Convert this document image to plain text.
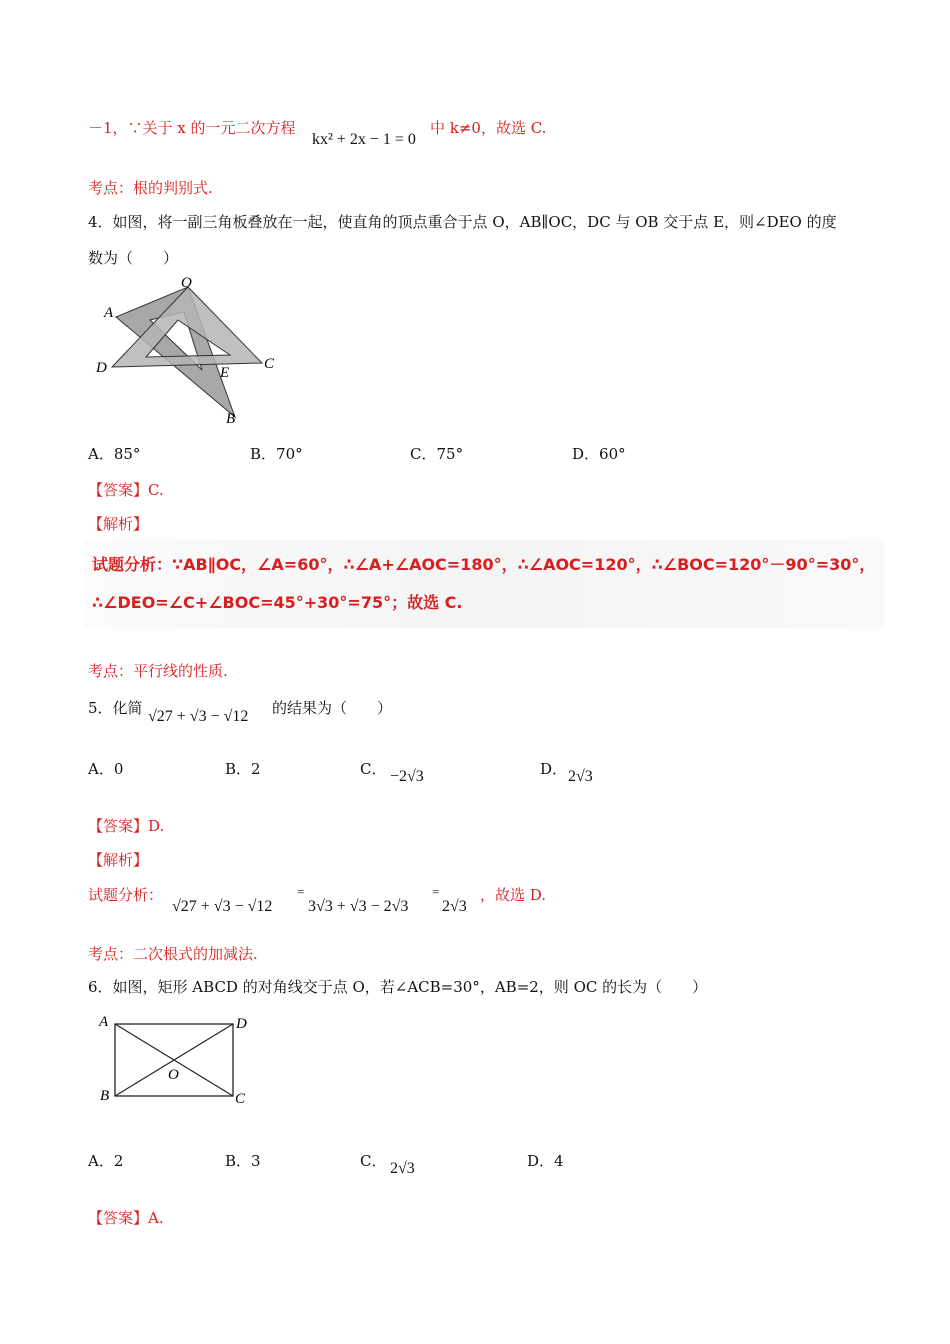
－1，∵关于 x 的一元二次方程
kx² + 2x − 1 = 0
中 k≠0，故选 C.
考点：根的判别式.
4．如图，将一副三角板叠放在一起，使直角的顶点重合于点 O，AB∥OC，DC 与 OB 交于点 E，则∠DEO 的度
数为（　　）
O
A
D	E
C
B
A．85°	B．70°	C．75°	D．60°
【答案】C.
【解析】
试题分析：∵AB∥OC，∠A=60°，∴∠A+∠AOC=180°，∴∠AOC=120°，∴∠BOC=120°－90°=30°，
∴∠DEO=∠C+∠BOC=45°+30°=75°；故选 C.
考点：平行线的性质.
5．化简 √27 + √3 − √12 的结果为（　　）
A．0	B．2	C． −2√3	D． 2√3
【答案】D.
【解析】
试题分析：
√27 + √3 − √12
=
3√3 + √3 − 2√3
=
2√3
，故选 D.
考点：二次根式的加减法.
6．如图，矩形 ABCD 的对角线交于点 O，若∠ACB=30°，AB=2，则 OC 的长为（　　）
A	D
B	C
O
A．2	B．3	C． 2√3	D．4
【答案】A.
